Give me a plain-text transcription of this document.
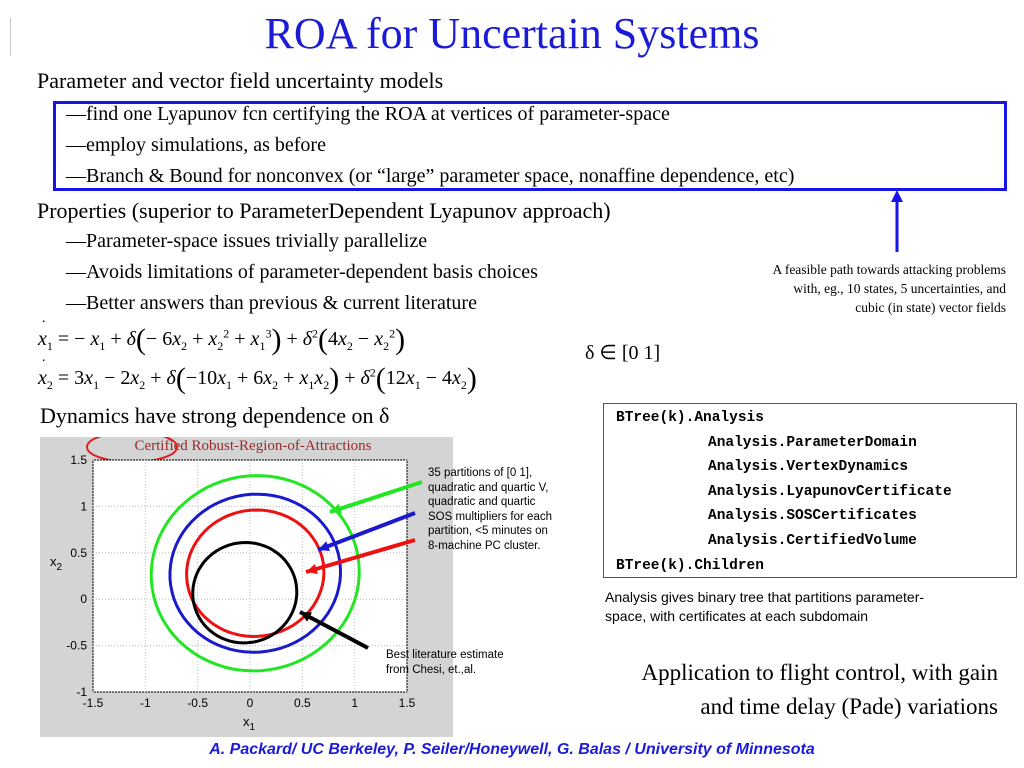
ROA for Uncertain Systems
Parameter and vector field uncertainty models
—find one Lyapunov fcn certifying the ROA at vertices of parameter-space
—employ simulations, as before
—Branch & Bound for nonconvex (or “large” parameter space, nonaffine dependence, etc)
Properties (superior to ParameterDependent Lyapunov approach)
—Parameter-space issues trivially parallelize
—Avoids limitations of parameter-dependent basis choices
—Better answers than previous & current literature
A feasible path towards attacking problems
with, eg., 10 states, 5 uncertainties, and
cubic (in state) vector fields
˙ $x_1$ = − $x_1 + \delta(- 6x_2 + x_2^2 + x_1^3) + \delta^2(4x_2 - x_2^2)$
˙ $x_2 = 3x_1 - 2x_2 + \delta(-10x_1 + 6x_2 + x_1x_2) + \delta^2(12x_1 - 4x_2)$
δ ∈ [0 1]
Dynamics have strong dependence on δ	BTree(k).Analysis
Analysis.ParameterDomain
Analysis.VertexDynamics
Analysis.LyapunovCertificate
Analysis.SOSCertificates
Analysis.CertifiedVolume
BTree(k).Children
Analysis gives binary tree that partitions parameter-
space, with certificates at each subdomain
Application to flight control, with gain
and time delay (Pade) variations
Certified Robust-Region-of-Attractions
$x_2$
$x_1$
-1.5	-1	-0.5	0	0.5	1	1.5
1.5
1
0.5
0
-0.5
-1
35 partitions of [0 1],
quadratic and quartic V,
quadratic and quartic
SOS multipliers for each
partition, <5 minutes on
8-machine PC cluster.
Best literature estimate
from Chesi, et.,al.
A. Packard/ UC Berkeley, P. Seiler/Honeywell, G. Balas / University of Minnesota
